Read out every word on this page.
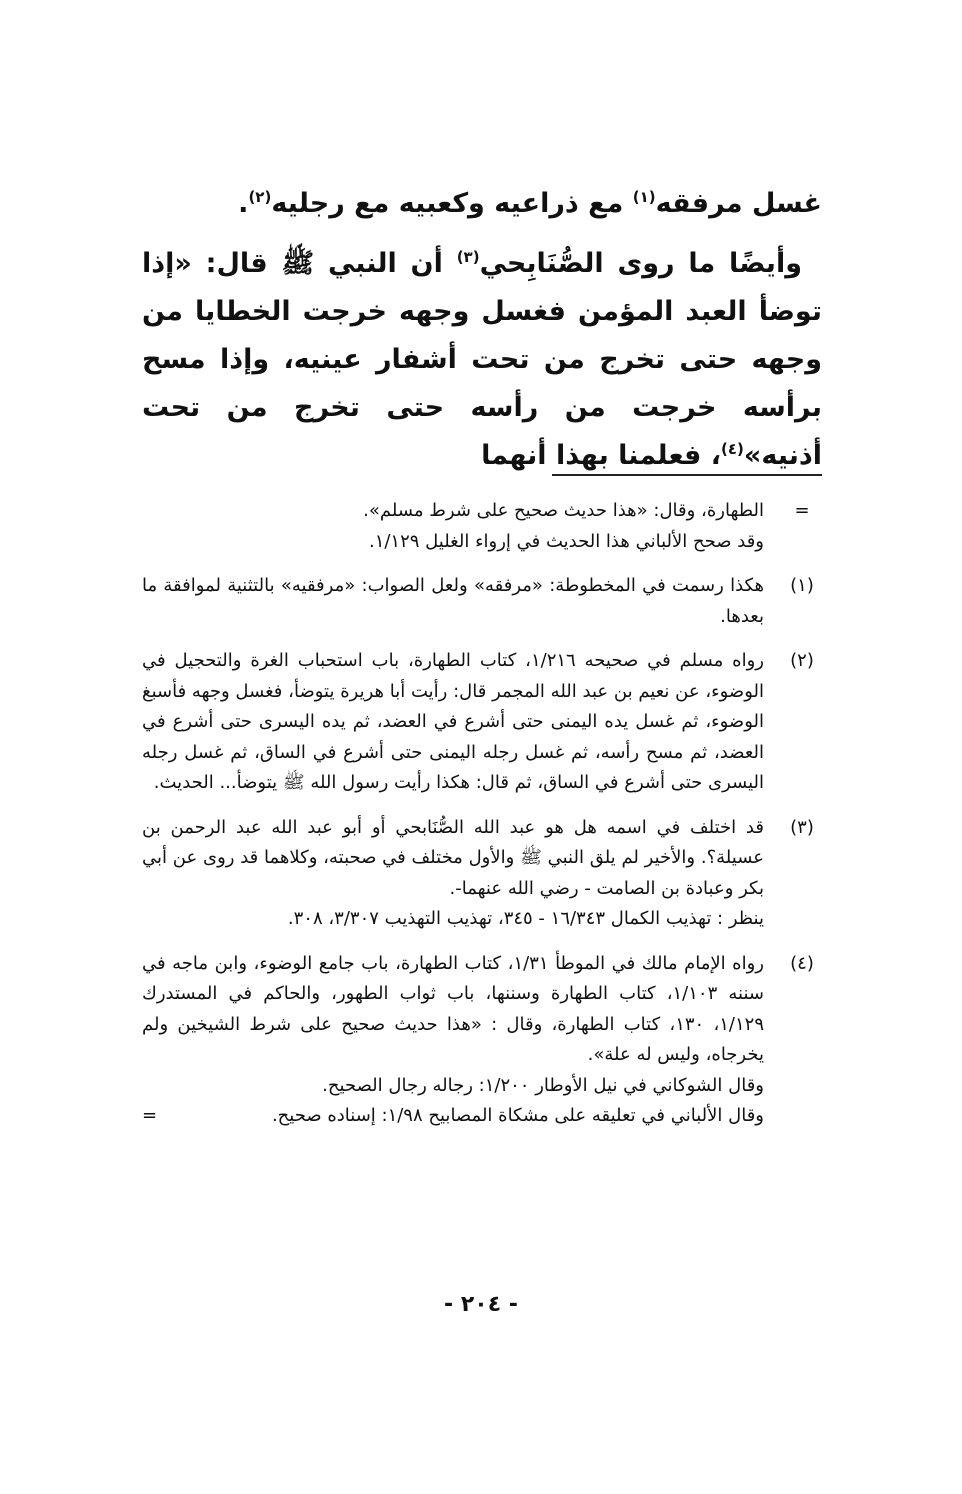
غسل مرفقه$^{(١)}$ مع ذراعيه وكعبيه مع رجليه$^{(٢)}$.

وأيضًا ما روى الصُّنَابِحي$^{(٣)}$ أن النبي ﷺ قال: «إذا توضأ العبد المؤمن فغسل وجهه خرجت الخطايا من وجهه حتى تخرج من تحت أشفار عينيه، وإذا مسح برأسه خرجت من رأسه حتى تخرج من تحت أذنيه»$^{(٤)}$، فعلمنا بهذا أنهما

=
الطهارة، وقال: «هذا حديث صحيح على شرط مسلم».
وقد صحح الألباني هذا الحديث في إرواء الغليل ١/١٢٩.
(١)
هكذا رسمت في المخطوطة: «مرفقه» ولعل الصواب: «مرفقيه» بالتثنية لموافقة ما بعدها.
(٢)
رواه مسلم في صحيحه ١/٢١٦، كتاب الطهارة، باب استحباب الغرة والتحجيل في الوضوء، عن نعيم بن عبد الله المجمر قال: رأيت أبا هريرة يتوضأ، فغسل وجهه فأسبغ الوضوء، ثم غسل يده اليمنى حتى أشرع في العضد، ثم يده اليسرى حتى أشرع في العضد، ثم مسح رأسه، ثم غسل رجله اليمنى حتى أشرع في الساق، ثم غسل رجله اليسرى حتى أشرع في الساق، ثم قال: هكذا رأيت رسول الله ﷺ يتوضأ... الحديث.
(٣)
قد اختلف في اسمه هل هو عبد الله الصُّنَابحي أو أبو عبد الله عبد الرحمن بن عسيلة؟. والأخير لم يلق النبي ﷺ والأول مختلف في صحبته، وكلاهما قد روى عن أبي بكر وعبادة بن الصامت - رضي الله عنهما-.
ينظر : تهذيب الكمال ١٦/٣٤٣ - ٣٤٥، تهذيب التهذيب ٣/٣٠٧، ٣٠٨.
(٤)
رواه الإمام مالك في الموطأ ١/٣١، كتاب الطهارة، باب جامع الوضوء، وابن ماجه في سننه ١/١٠٣، كتاب الطهارة وسننها، باب ثواب الطهور، والحاكم في المستدرك ١/١٢٩، ١٣٠، كتاب الطهارة، وقال : «هذا حديث صحيح على شرط الشيخين ولم يخرجاه، وليس له علة».
وقال الشوكاني في نيل الأوطار ١/٢٠٠: رجاله رجال الصحيح.
وقال الألباني في تعليقه على مشكاة المصابيح ١/٩٨: إسناده صحيح.
=
- ٢٠٤ -
